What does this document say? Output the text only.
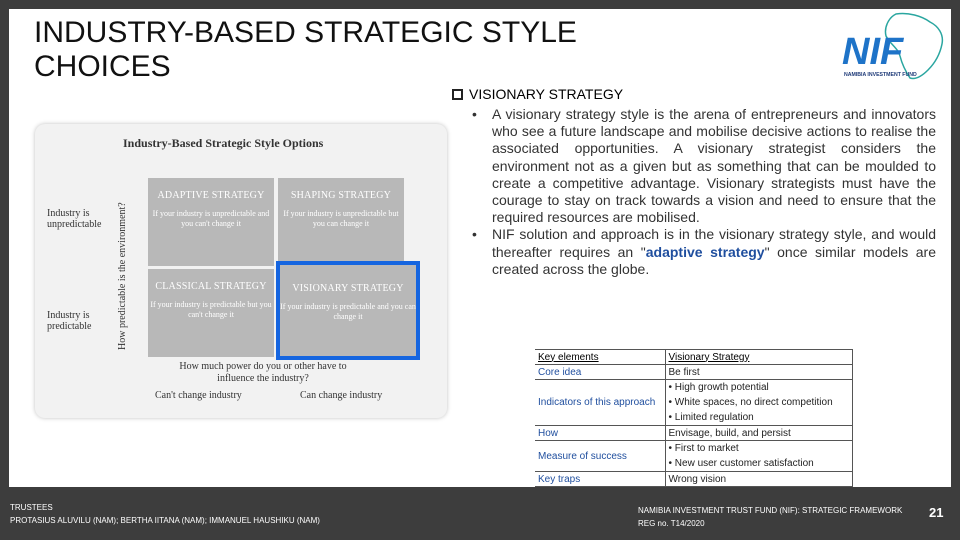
INDUSTRY-BASED STRATEGIC STYLE CHOICES	NIF
NAMIBIA INVESTMENT FUND
VISIONARY STRATEGY
• A visionary strategy style is the arena of entrepreneurs and innovators who see a future landscape and mobilise decisive actions to realise the associated opportunities. A visionary strategist considers the environment not as a given but as something that can be moulded to create a competitive advantage. Visionary strategists must have the courage to stay on track towards a vision and need to ensure that the required resources are mobilised.
• NIF solution and approach is in the visionary strategy style, and would thereafter requires an "adaptive strategy" once similar models are created across the globe.
Industry-Based Strategic Style Options
How predictable is the environment?
Industry is unpredictable
Industry is predictable
ADAPTIVE STRATEGY
If your industry is unpredictable and you can't change it
SHAPING STRATEGY
If your industry is unpredictable but you can change it
CLASSICAL STRATEGY
If your industry is predictable but you can't change it
VISIONARY STRATEGY
If your industry is predictable and you can change it
How much power do you or other have to influence the industry?
Can't change industry	Can change industry
Key elements	Visionary Strategy
Core idea	Be first
Indicators of this approach	• High growth potential
• White spaces, no direct competition
• Limited regulation

How	Envisage, build, and persist
Measure of success	• First to market
• New user customer satisfaction

Key traps	Wrong vision
TRUSTEES
PROTASIUS ALUVILU (NAM); BERTHA IITANA (NAM); IMMANUEL HAUSHIKU (NAM)
NAMIBIA INVESTMENT TRUST FUND (NIF): STRATEGIC FRAMEWORK
REG no. T14/2020
21
